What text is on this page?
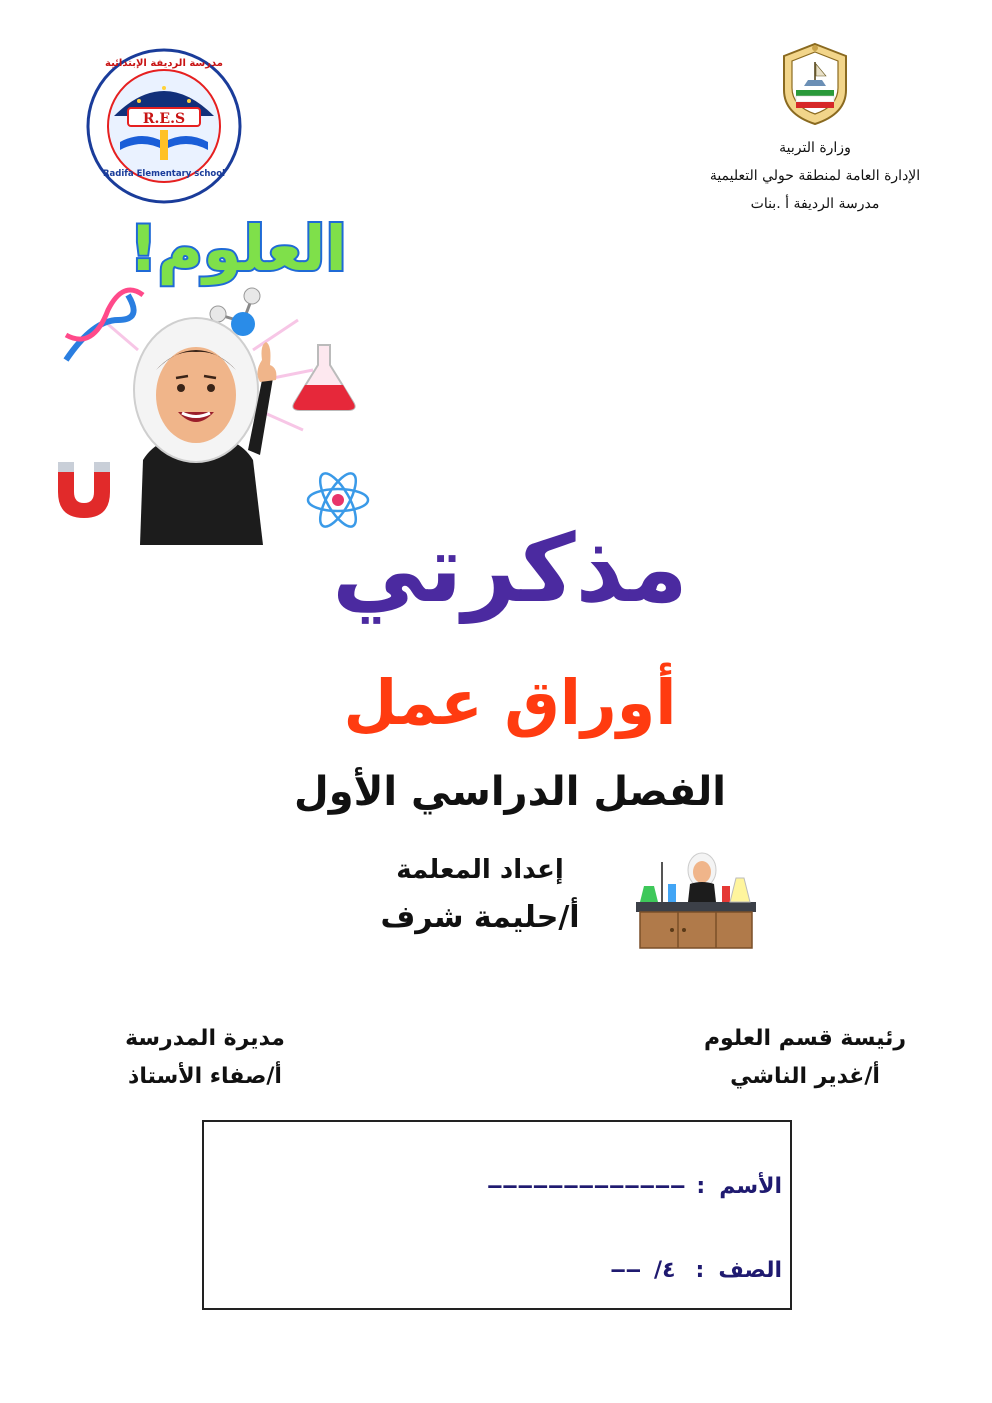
وزارة التربية
الإدارة العامة لمنطقة حولي التعليمية
مدرسة الرديفة أ .بنات
R.E.S
Radifa Elementary school
مدرسة الرديفة الإبتدائية
العلوم!
مذكرتي
أوراق عمل
الفصل الدراسي الأول
إعداد المعلمة
أ/حليمة شرف
رئيسة قسم العلوم
أ/غدير الناشي
مديرة المدرسة
أ/صفاء الأستاذ
الأسم
:
—————————————
الصف
:
٤/
——
